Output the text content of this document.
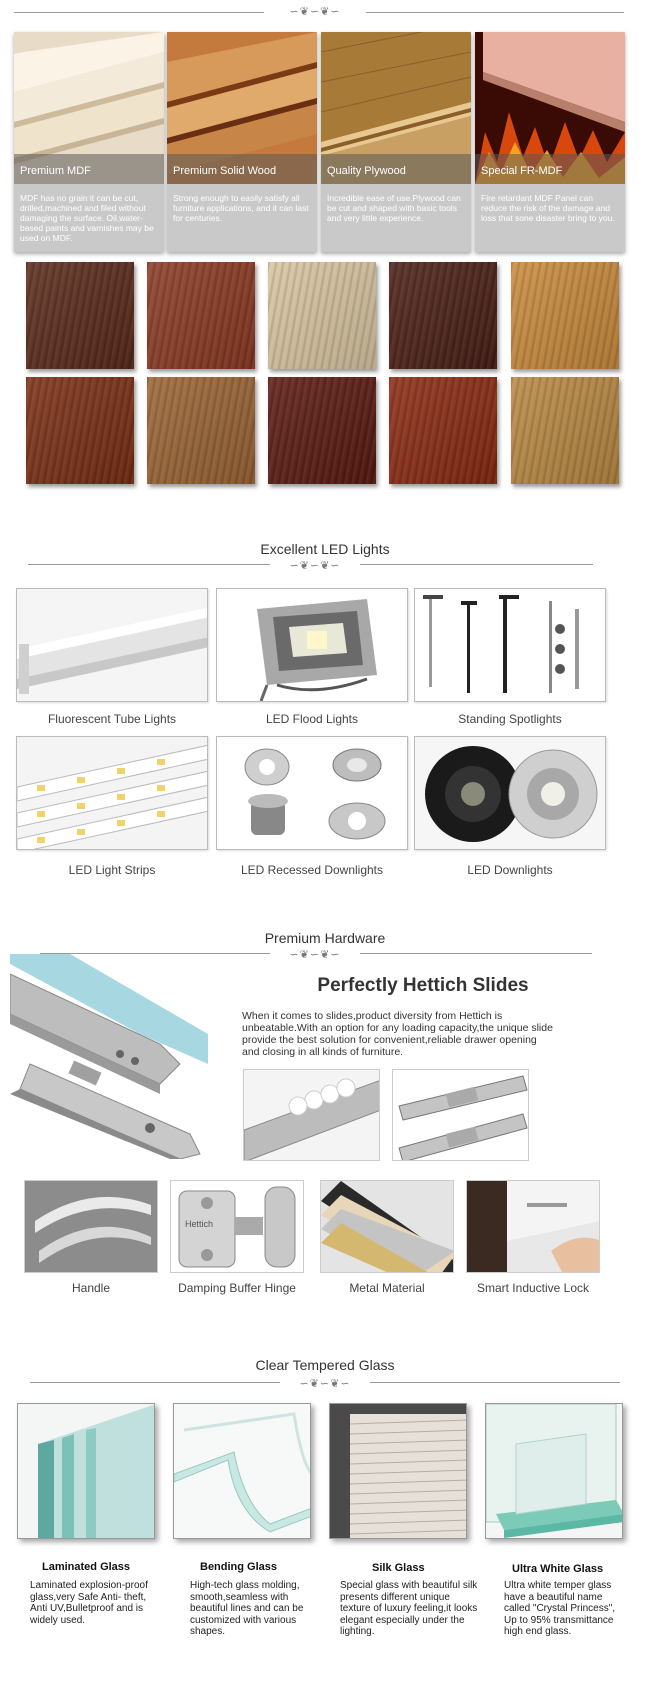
∽❦∽❦∽
Premium MDF
MDF has no grain it can be cut, drilled,machined and filed without damaging the surface. Oil,water-based paints and varnishes may be used on MDF.
Premium Solid Wood
Strong enough to easily satisfy all furniture applications, and it can last for centuries.
Quality Plywood
Incredible ease of use.Plywood can be cut and shaped with basic tools and very little experience.
Special FR-MDF
Fire retardant MDF Panel can reduce the risk of the damage and loss that sone disaster bring to you.
Excellent LED Lights
∽❦∽❦∽
Fluorescent Tube Lights	LED Flood Lights	Standing Spotlights
LED Light Strips	LED Recessed Downlights	LED Downlights
Premium Hardware
∽❦∽❦∽
Perfectly Hettich Slides
When it comes to slides,product diversity from Hettich is unbeatable.With an option for any loading capacity,the unique slide provide the best solution for convenient,reliable drawer opening and closing in all kinds of furniture.
Handle
Hettich
Damping Buffer Hinge	Metal Material	Smart Inductive Lock
Clear Tempered Glass
∽❦∽❦∽
Laminated Glass
Laminated explosion-proof glass,very Safe Anti- theft, Anti UV,Bulletproof and is widely used.
Bending Glass
High-tech glass molding, smooth,seamless with beautiful lines and can be customized with various shapes.
Silk Glass
Special glass with beautiful silk presents different unique texture of luxury feeling,it looks elegant especially under the lighting.
Ultra White Glass
Ultra white temper glass have a beautiful name called "Crystal Princess", Up to 95% transmittance high end glass.
